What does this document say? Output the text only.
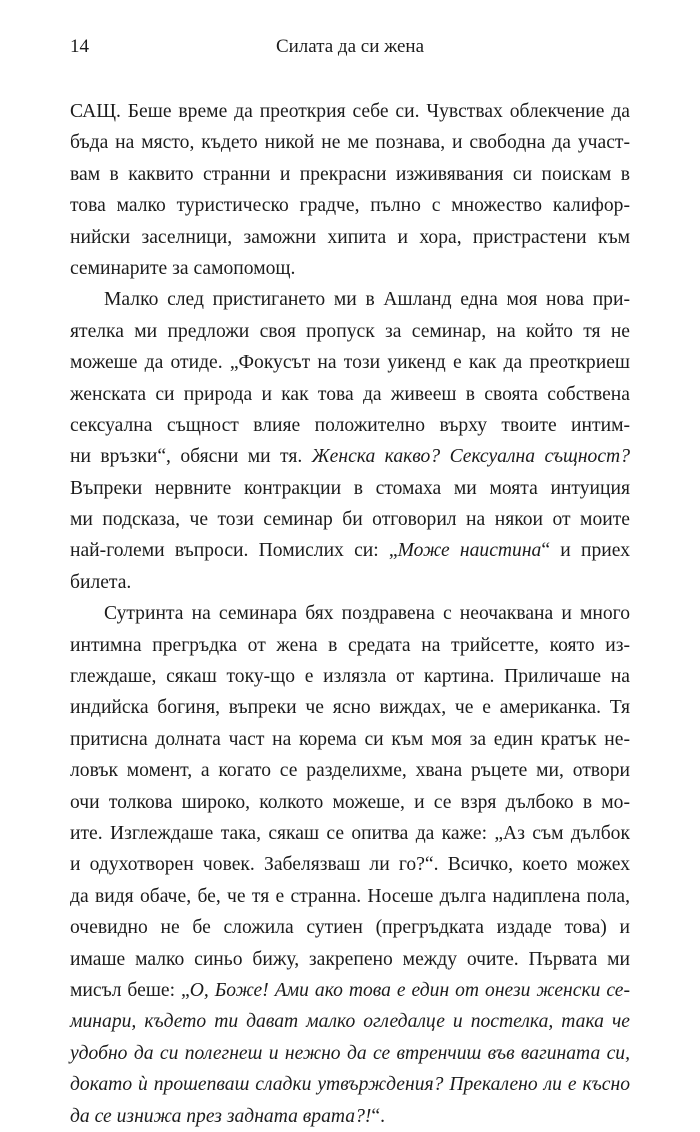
14	Силата да си жена
САЩ. Беше време да преоткрия себе си. Чувствах облекчение да
бъда на място, където никой не ме познава, и свободна да участ-
вам в каквито странни и прекрасни изживявания си поискам в
това малко туристическо градче, пълно с множество калифор-
нийски заселници, заможни хипита и хора, пристрастени към
семинарите за самопомощ.
Малко след пристигането ми в Ашланд една моя нова при-
ятелка ми предложи своя пропуск за семинар, на който тя не
можеше да отиде. „Фокусът на този уикенд е как да преоткриеш
женската си природа и как това да живееш в своята собствена
сексуална същност влияе положително върху твоите интим-
ни връзки“, обясни ми тя. Женска какво? Сексуална същност?
Въпреки нервните контракции в стомаха ми моята интуиция
ми подсказа, че този семинар би отговорил на някои от моите
най-големи въпроси. Помислих си: „Може наистина“ и приех
билета.
Сутринта на семинара бях поздравена с неочаквана и много
интимна прегръдка от жена в средата на трийсетте, която из-
глеждаше, сякаш току-що е излязла от картина. Приличаше на
индийска богиня, въпреки че ясно виждах, че е американка. Тя
притисна долната част на корема си към моя за един кратък не-
ловък момент, а когато се разделихме, хвана ръцете ми, отвори
очи толкова широко, колкото можеше, и се взря дълбоко в мо-
ите. Изглеждаше така, сякаш се опитва да каже: „Аз съм дълбок
и одухотворен човек. Забелязваш ли го?“. Всичко, което можех
да видя обаче, бе, че тя е странна. Носеше дълга надиплена пола,
очевидно не бе сложила сутиен (прегръдката издаде това) и
имаше малко синьо бижу, закрепено между очите. Първата ми
мисъл беше: „О, Боже! Ами ако това е един от онези женски се-
минари, където ти дават малко огледалце и постелка, така че
удобно да си полегнеш и нежно да се втренчиш във вагината си,
докато ѝ прошепваш сладки утвърждения? Прекалено ли е късно
да се изнижа през задната врата?!“.
